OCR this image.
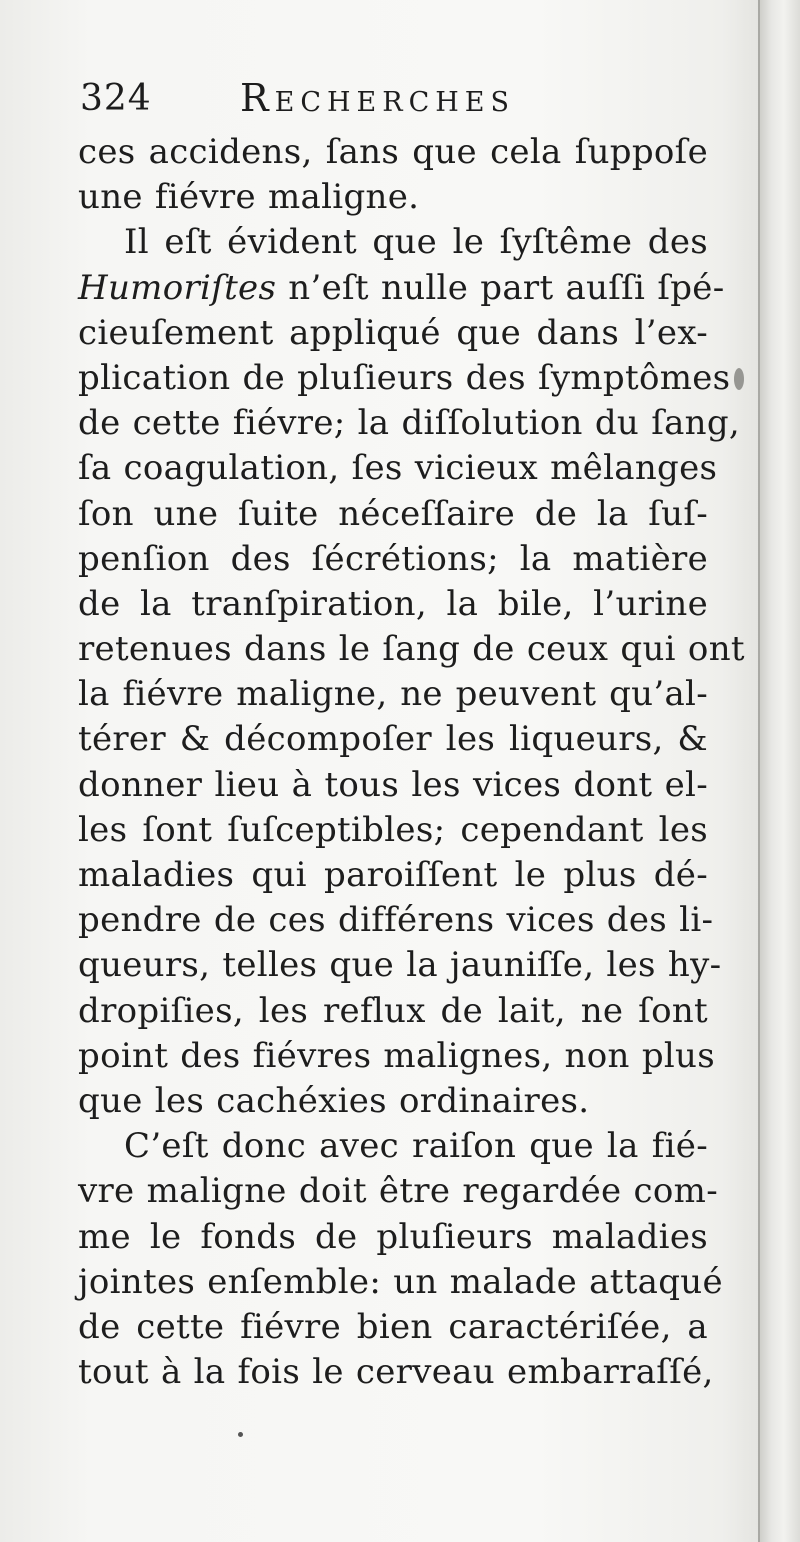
324 Recherches
ces accidens, ſans que cela ſuppoſe
une fiévre maligne.
Il eſt évident que le ſyſtême des
Humoriſtes n’eſt nulle part auſſi ſpé-
cieuſement appliqué que dans l’ex-
plication de pluſieurs des ſymptômes
de cette fiévre; la diſſolution du ſang,
ſa coagulation, ſes vicieux mêlanges
ſon une ſuite néceſſaire de la ſuſ-
penſion des ſécrétions; la matière
de la tranſpiration, la bile, l’urine
retenues dans le ſang de ceux qui ont
la fiévre maligne, ne peuvent qu’al-
térer & décompoſer les liqueurs, &
donner lieu à tous les vices dont el-
les ſont ſuſceptibles; cependant les
maladies qui paroiſſent le plus dé-
pendre de ces différens vices des li-
queurs, telles que la jauniſſe, les hy-
dropiſies, les reflux de lait, ne ſont
point des fiévres malignes, non plus
que les cachéxies ordinaires.
C’eſt donc avec raiſon que la fié-
vre maligne doit être regardée com-
me le fonds de pluſieurs maladies
jointes enſemble: un malade attaqué
de cette fiévre bien caractériſée, a
tout à la fois le cerveau embarraſſé,
